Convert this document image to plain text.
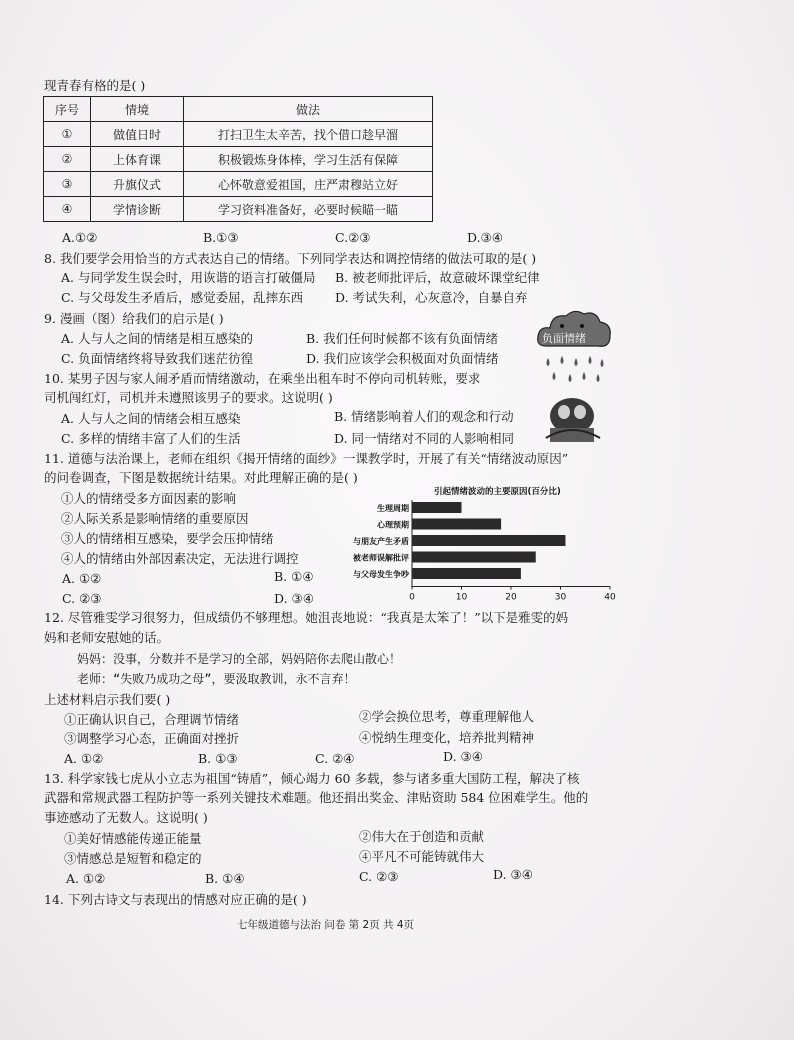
现青春有格的是( )
序号	情境	做法
①	做值日时	打扫卫生太辛苦，找个借口趁早溜
②	上体育课	积极锻炼身体棒，学习生活有保障
③	升旗仪式	心怀敬意爱祖国，庄严肃穆站立好
④	学情诊断	学习资料准备好，必要时候瞄一瞄
A.①②	B.①③	C.②③	D.③④
8. 我们要学会用恰当的方式表达自己的情绪。下列同学表达和调控情绪的做法可取的是( )
A. 与同学发生误会时，用诙谐的语言打破僵局 B. 被老师批评后，故意破坏课堂纪律
C. 与父母发生矛盾后，感觉委屈，乱摔东西	D. 考试失利，心灰意冷，自暴自弃
9. 漫画（图）给我们的启示是( )
A. 人与人之间的情绪是相互感染的	B. 我们任何时候都不该有负面情绪
C. 负面情绪终将导致我们迷茫彷徨	D. 我们应该学会积极面对负面情绪
负面情绪
10. 某男子因与家人闹矛盾而情绪激动，在乘坐出租车时不停向司机转账，要求
司机闯红灯，司机并未遵照该男子的要求。这说明( )
A. 人与人之间的情绪会相互感染	B. 情绪影响着人们的观念和行动
C. 多样的情绪丰富了人们的生活	D. 同一情绪对不同的人影响相同
11. 道德与法治课上，老师在组织《揭开情绪的面纱》一课教学时，开展了有关“情绪波动原因”
的问卷调查，下图是数据统计结果。对此理解正确的是( )
①人的情绪受多方面因素的影响
②人际关系是影响情绪的重要原因
③人的情绪相互感染，要学会压抑情绪
④人的情绪由外部因素决定，无法进行调控
A. ①②	B. ①④
C. ②③	D. ③④
引起情绪波动的主要原因(百分比)
生理周期
心理预期
与朋友产生矛盾
被老师误解批评
与父母发生争吵
0	10	20	30	40
12. 尽管雅雯学习很努力，但成绩仍不够理想。她沮丧地说：“我真是太笨了！”以下是雅雯的妈
妈和老师安慰她的话。
妈妈：没事，分数并不是学习的全部，妈妈陪你去爬山散心！
老师：“失败乃成功之母”，要汲取教训，永不言弃！
上述材料启示我们要( )
①正确认识自己，合理调节情绪	②学会换位思考，尊重理解他人
③调整学习心态，正确面对挫折	④悦纳生理变化，培养批判精神
A. ①②	B. ①③	C. ②④	D. ③④
13. 科学家钱七虎从小立志为祖国“铸盾”，倾心竭力 60 多载，参与诸多重大国防工程，解决了核
武器和常规武器工程防护等一系列关键技术难题。他还捐出奖金、津贴资助 584 位困难学生。他的
事迹感动了无数人。这说明( )
①美好情感能传递正能量	②伟大在于创造和贡献
③情感总是短暂和稳定的	④平凡不可能铸就伟大
A. ①②	B. ①④	C. ②③	D. ③④
14. 下列古诗文与表现出的情感对应正确的是( )
七年级道德与法治 问卷 第 2页 共 4页
